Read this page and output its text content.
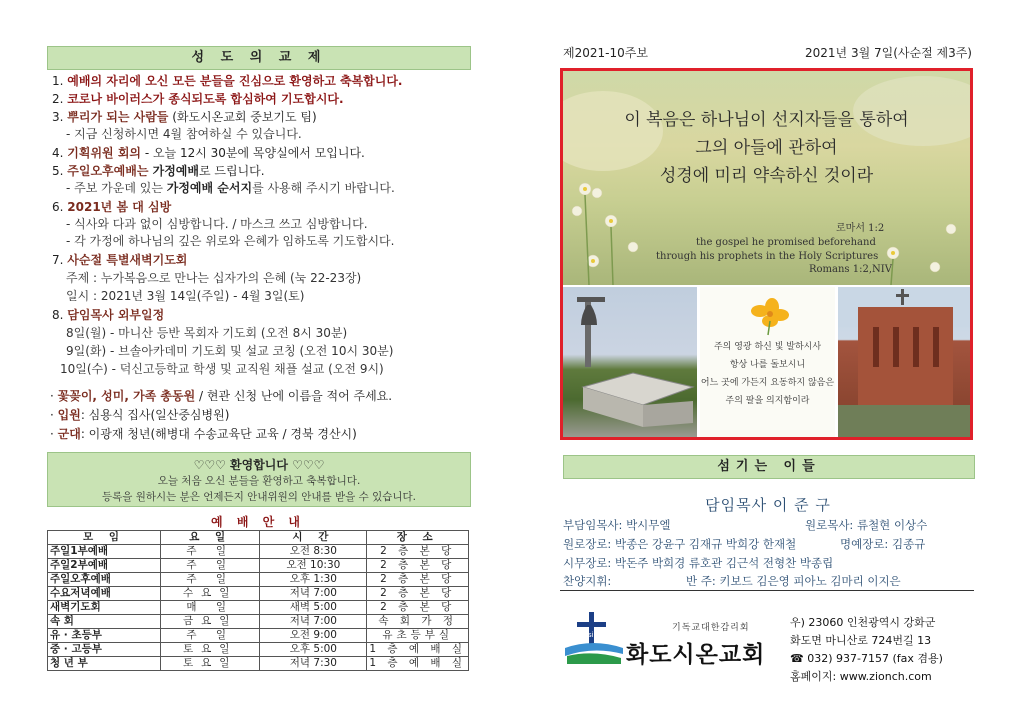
성 도 의 교 제
1. 예배의 자리에 오신 모든 분들을 진심으로 환영하고 축복합니다.
2. 코로나 바이러스가 종식되도록 합심하여 기도합시다.
3. 뿌리가 되는 사람들 (화도시온교회 중보기도 팀)
- 지금 신청하시면 4월 참여하실 수 있습니다.
4. 기획위원 회의 - 오늘 12시 30분에 목양실에서 모입니다.
5. 주일오후예배는 가정예배로 드립니다.
- 주보 가운데 있는 가정예배 순서지를 사용해 주시기 바랍니다.
6. 2021년 봄 대 심방
- 식사와 다과 없이 심방합니다. / 마스크 쓰고 심방합니다.
- 각 가정에 하나님의 깊은 위로와 은혜가 임하도록 기도합시다.
7. 사순절 특별새벽기도회
주제 : 누가복음으로 만나는 십자가의 은혜 (눅 22-23장)
일시 : 2021년 3월 14일(주일) - 4월 3일(토)
8. 담임목사 외부일정
8일(월) - 마니산 등반 목회자 기도회 (오전 8시 30분)
9일(화) - 브솔아카데미 기도회 및 설교 코칭 (오전 10시 30분)
10일(수) - 덕신고등학교 학생 및 교직원 채플 설교 (오전 9시)
· 꽃꽂이, 성미, 가족 총동원 / 현관 신청 난에 이름을 적어 주세요.
· 입원: 심용식 집사(일산중심병원)
· 군대: 이광재 청년(해병대 수송교육단 교육 / 경북 경산시)
♡♡♡ 환영합니다 ♡♡♡
오늘 처음 오신 분들을 환영하고 축복합니다.
등록을 원하시는 분은 언제든지 안내위원의 안내를 받을 수 있습니다.
예 배 안 내
모 임	요 일	시 간	장 소
주일1부예배	주 일	오전 8:30	2 층 본 당
주일2부예배	주 일	오전 10:30	2 층 본 당
주일오후예배	주 일	오후 1:30	2 층 본 당
수요저녁예배	수요일	저녁 7:00	2 층 본 당
새벽기도회	매 일	새벽 5:00	2 층 본 당
속 회	금요일	저녁 7:00	속 회 가 정
유 · 초등부	주 일	오전 9:00	유초등부실
중 · 고등부	토요일	오후 5:00	1 층 예 배 실
청 년 부	토요일	저녁 7:30	1 층 예 배 실
제2021-10주보	2021년 3월 7일(사순절 제3주)
이 복음은 하나님이 선지자들을 통하여
그의 아들에 관하여
성경에 미리 약속하신 것이라
로마서 1:2
the gospel he promised beforehand
through his prophets in the Holy Scriptures
Romans 1:2,NIV
주의 영광 하신 빛 발하시사
항상 나를 돌보시니
어느 곳에 가든지 요동하지 않음은
주의 팔을 의지함이라
섬기는 이들
담임목사 이 준 구
부담임목사: 박시무엘	원로목사: 류철현 이상수
원로장로: 박종은 강윤구 김재규 박희강 한재철	명예장로: 김종규
시무장로: 박돈주 박희경 류호관 김근석 전형찬 박종립
찬양지휘:	반 주: 키보드 김은영 피아노 김마리 이지은
since 1905
기독교대한감리회
화도시온교회
우) 23060 인천광역시 강화군
화도면 마니산로 724번길 13
☎ 032) 937-7157 (fax 겸용)
홈페이지: www.zionch.com
